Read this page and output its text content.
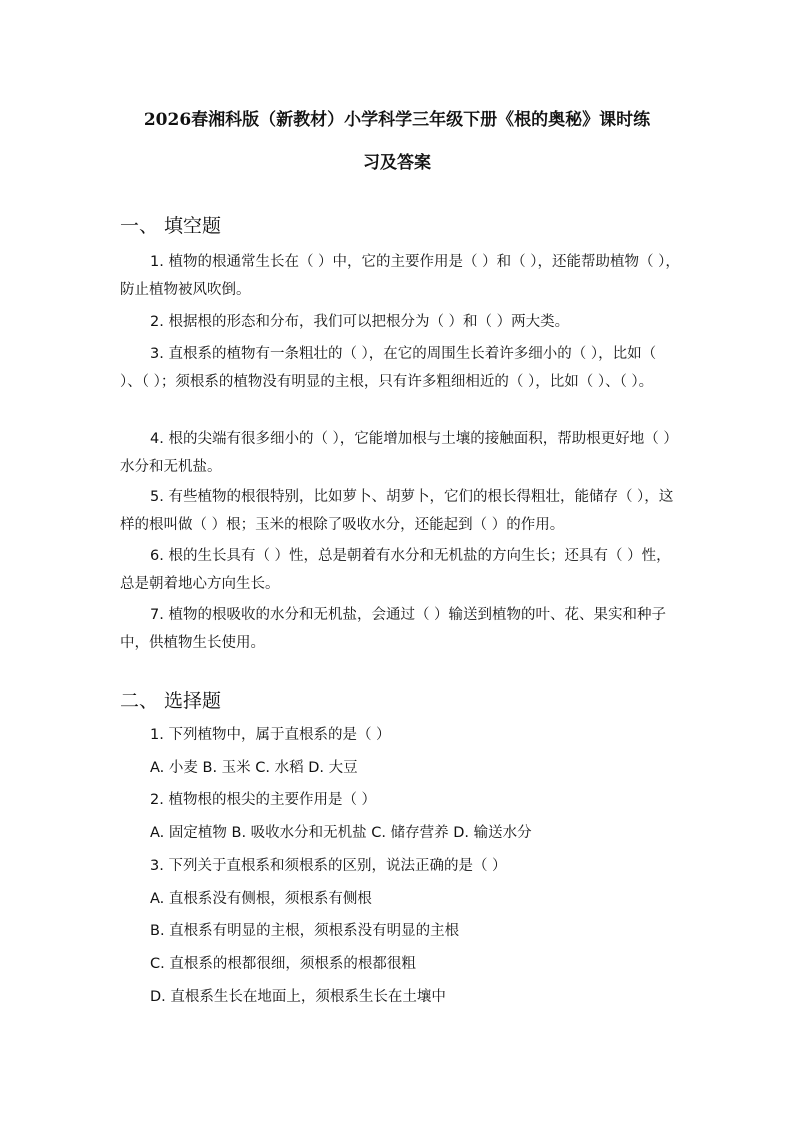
2026春湘科版（新教材）小学科学三年级下册《根的奥秘》课时练
习及答案
一、 填空题
1. 植物的根通常生长在（ ）中，它的主要作用是（ ）和（ ），还能帮助植物（ ），防止植物被风吹倒。
2. 根据根的形态和分布，我们可以把根分为（ ）和（ ）两大类。
3. 直根系的植物有一条粗壮的（ ），在它的周围生长着许多细小的（ ），比如（ ）、（ ）；须根系的植物没有明显的主根，只有许多粗细相近的（ ），比如（ ）、（ ）。
4. 根的尖端有很多细小的（ ），它能增加根与土壤的接触面积，帮助根更好地（ ）水分和无机盐。
5. 有些植物的根很特别，比如萝卜、胡萝卜，它们的根长得粗壮，能储存（ ），这样的根叫做（ ）根；玉米的根除了吸收水分，还能起到（ ）的作用。
6. 根的生长具有（ ）性，总是朝着有水分和无机盐的方向生长；还具有（ ）性，总是朝着地心方向生长。
7. 植物的根吸收的水分和无机盐，会通过（ ）输送到植物的叶、花、果实和种子中，供植物生长使用。
二、 选择题
1. 下列植物中，属于直根系的是（ ）
A. 小麦 B. 玉米 C. 水稻 D. 大豆
2. 植物根的根尖的主要作用是（ ）
A. 固定植物 B. 吸收水分和无机盐 C. 储存营养 D. 输送水分
3. 下列关于直根系和须根系的区别，说法正确的是（ ）
A. 直根系没有侧根，须根系有侧根
B. 直根系有明显的主根，须根系没有明显的主根
C. 直根系的根都很细，须根系的根都很粗
D. 直根系生长在地面上，须根系生长在土壤中
